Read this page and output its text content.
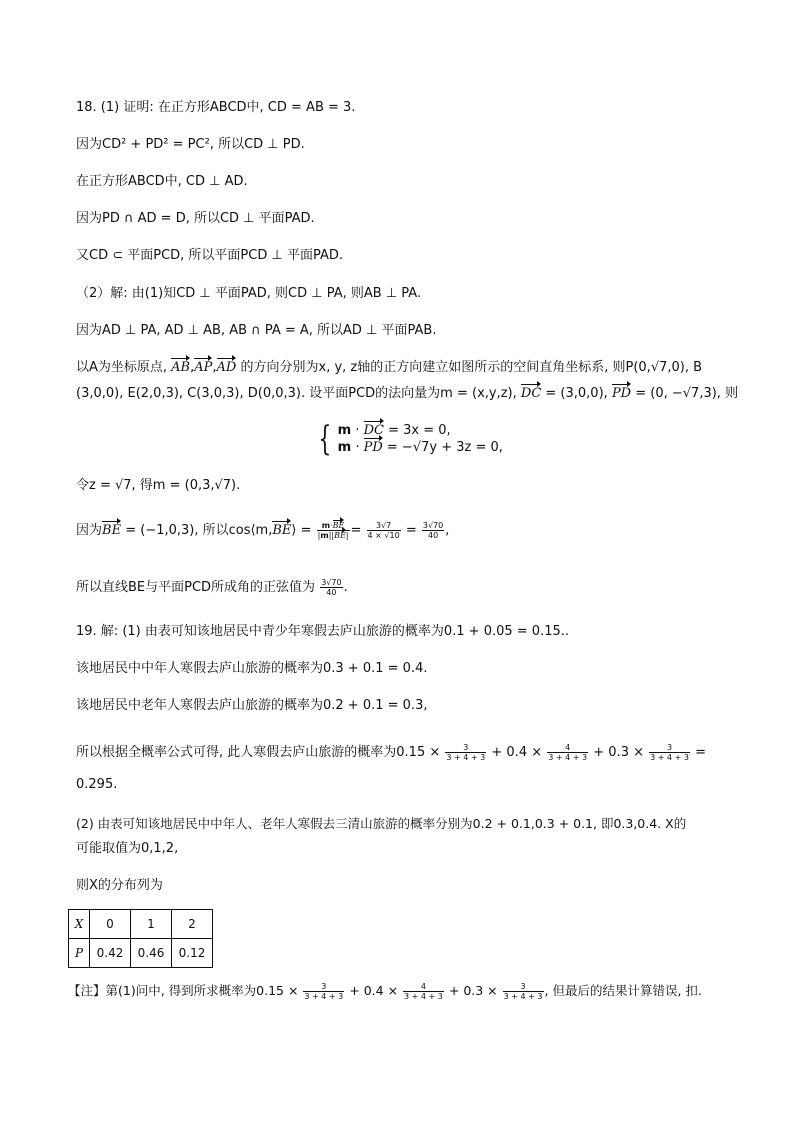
18. (1) 证明: 在正方形ABCD中, CD = AB = 3.
因为CD² + PD² = PC², 所以CD ⊥ PD.
在正方形ABCD中, CD ⊥ AD.
因为PD ∩ AD = D, 所以CD ⊥ 平面PAD.
又CD ⊂ 平面PCD, 所以平面PCD ⊥ 平面PAD.
（2）解: 由(1)知CD ⊥ 平面PAD, 则CD ⊥ PA, 则AB ⊥ PA.
因为AD ⊥ PA, AD ⊥ AB, AB ∩ PA = A, 所以AD ⊥ 平面PAB.
以A为坐标原点, AB,AP,AD 的方向分别为x, y, z轴的正方向建立如图所示的空间直角坐标系, 则P(0,√7,0), B
(3,0,0), E(2,0,3), C(3,0,3), D(0,0,3). 设平面PCD的法向量为m = (x,y,z), DC = (3,0,0), PD = (0, −√7,3), 则
{ m · DC = 3x = 0,
m · PD = −√7y + 3z = 0,
令z = √7, 得m = (0,3,√7).
因为BE = (−1,0,3), 所以cos⟨m,BE⟩ = $\frac{m\cdot BE}{|m||BE|} = \frac{3√7}{4 \times √10} = \frac{3√70}{40}$ ,
所以直线BE与平面PCD所成角的正弦值为 $\frac{3√70}{40}$ .
19. 解: (1) 由表可知该地居民中青少年寒假去庐山旅游的概率为0.1 + 0.05 = 0.15..
该地居民中中年人寒假去庐山旅游的概率为0.3 + 0.1 = 0.4.
该地居民中老年人寒假去庐山旅游的概率为0.2 + 0.1 = 0.3,
所以根据全概率公式可得, 此人寒假去庐山旅游的概率为$0.15 \times \frac{3}{3 + 4 + 3} + 0.4 \times \frac{4}{3 + 4 + 3} + 0.3 \times \frac{3}{3 + 4 + 3}$ =
0.295.
(2) 由表可知该地居民中中年人、老年人寒假去三清山旅游的概率分别为0.2 + 0.1,0.3 + 0.1, 即0.3,0.4. X的
可能取值为0,1,2,
则X的分布列为
X	0	1	2
P	0.42	0.46	0.12
【注】第(1)问中, 得到所求概率为$0.15 \times \frac{3}{3 + 4 + 3} + 0.4 \times \frac{4}{3 + 4 + 3} + 0.3 \times \frac{3}{3 + 4 + 3}$ , 但最后的结果计算错误, 扣.
